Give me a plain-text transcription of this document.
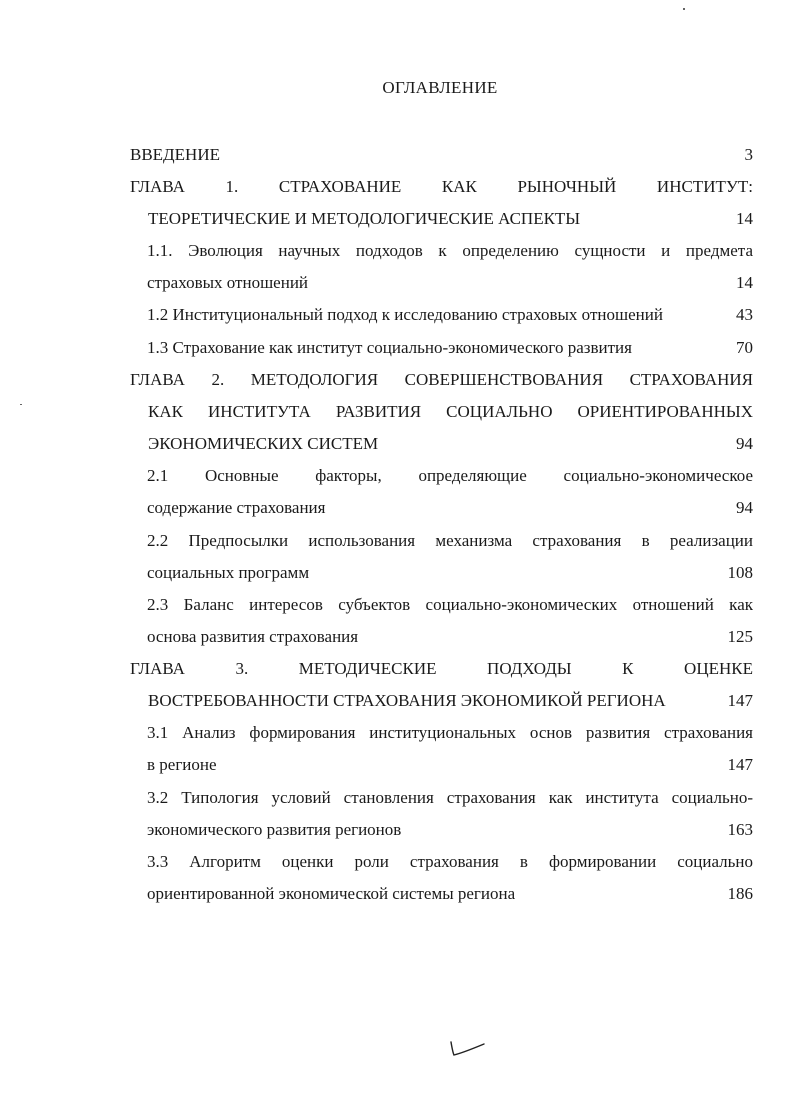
ОГЛАВЛЕНИЕ
ВВЕДЕНИЕ	3
ГЛАВА 1. СТРАХОВАНИЕ КАК РЫНОЧНЫЙ ИНСТИТУТ:
ТЕОРЕТИЧЕСКИЕ И МЕТОДОЛОГИЧЕСКИЕ АСПЕКТЫ	14
1.1. Эволюция научных подходов к определению сущности и предмета
страховых отношений	14
1.2 Институциональный подход к исследованию страховых отношений	43
1.3 Страхование как институт социально-экономического развития	70
ГЛАВА 2. МЕТОДОЛОГИЯ СОВЕРШЕНСТВОВАНИЯ СТРАХОВАНИЯ
КАК ИНСТИТУТА РАЗВИТИЯ СОЦИАЛЬНО ОРИЕНТИРОВАННЫХ
ЭКОНОМИЧЕСКИХ СИСТЕМ	94
2.1 Основные факторы, определяющие социально-экономическое
содержание страхования	94
2.2 Предпосылки использования механизма страхования в реализации
социальных программ	108
2.3 Баланс интересов субъектов социально-экономических отношений как
основа развития страхования	125
ГЛАВА 3. МЕТОДИЧЕСКИЕ ПОДХОДЫ К ОЦЕНКЕ
ВОСТРЕБОВАННОСТИ СТРАХОВАНИЯ ЭКОНОМИКОЙ РЕГИОНА	147
3.1 Анализ формирования институциональных основ развития страхования
в регионе	147
3.2 Типология условий становления страхования как института социально-
экономического развития регионов	163
3.3 Алгоритм оценки роли страхования в формировании социально
ориентированной экономической системы региона	186
